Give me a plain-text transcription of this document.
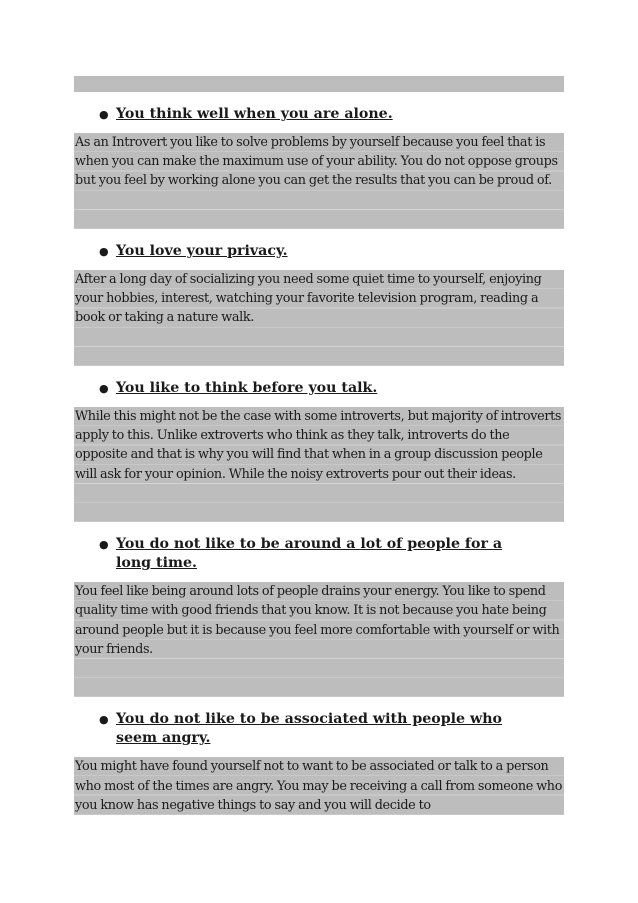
● You think well when you are alone.
As an Introvert you like to solve problems by yourself because you feel that is when you can make the maximum use of your ability. You do not oppose groups but you feel by working alone you can get the results that you can be proud of.
● You love your privacy.
After a long day of socializing you need some quiet time to yourself, enjoying your hobbies, interest, watching your favorite television program, reading a book or taking a nature walk.
● You like to think before you talk.
While this might not be the case with some introverts, but majority of introverts apply to this. Unlike extroverts who think as they talk, introverts do the opposite and that is why you will find that when in a group discussion people will ask for your opinion. While the noisy extroverts pour out their ideas.
● You do not like to be around a lot of people for a long time.
You feel like being around lots of people drains your energy. You like to spend quality time with good friends that you know. It is not because you hate being around people but it is because you feel more comfortable with yourself or with your friends.
● You do not like to be associated with people who seem angry.
You might have found yourself not to want to be associated or talk to a person who most of the times are angry. You may be receiving a call from someone who you know has negative things to say and you will decide to
